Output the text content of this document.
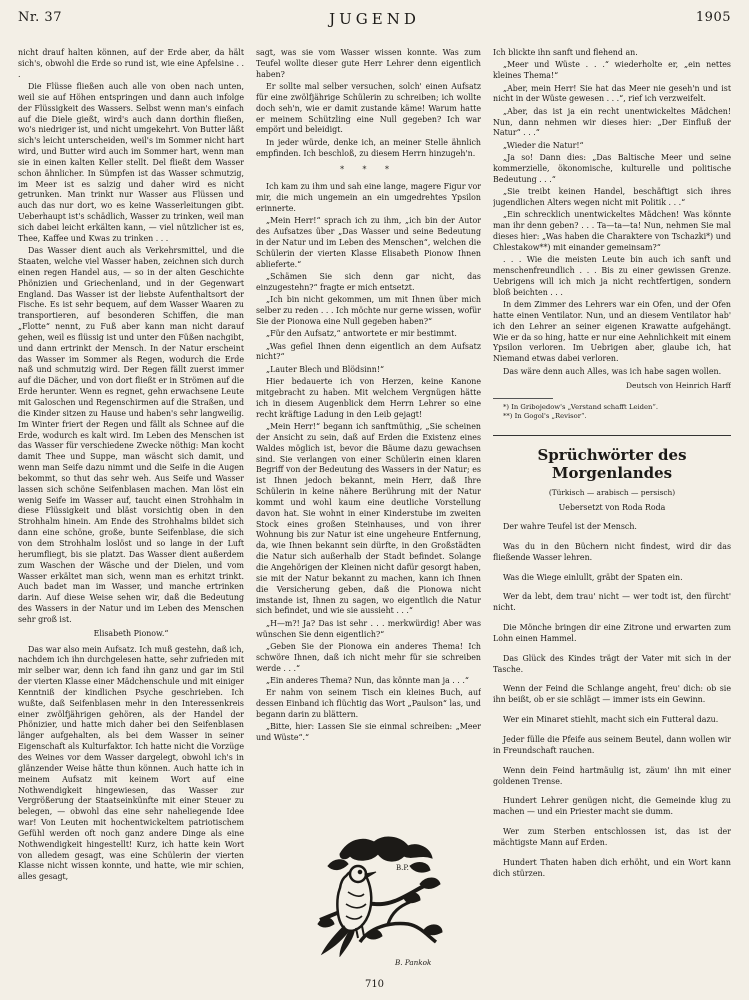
Nr. 37	JUGEND	1905

nicht drauf halten können, auf der Erde aber, da hält sich's, obwohl die Erde so rund ist, wie eine Apfelsine . . .

Die Flüsse fließen auch alle von oben nach unten, weil sie auf Höhen entspringen und dann auch infolge der Flüssigkeit des Wassers. Selbst wenn man's einfach auf die Diele gießt, wird's auch dann dorthin fließen, wo's niedriger ist, und nicht umgekehrt. Von Butter läßt sich's leicht unterscheiden, weil's im Sommer nicht hart wird, und Butter wird auch im Sommer hart, wenn man sie in einen kalten Keller stellt. Del fließt dem Wasser schon ähnlicher. In Sümpfen ist das Wasser schmutzig, im Meer ist es salzig und daher wird es nicht getrunken. Man trinkt nur Wasser aus Flüssen und auch das nur dort, wo es keine Wasserleitungen gibt. Ueberhaupt ist's schädlich, Wasser zu trinken, weil man sich dabei leicht erkälten kann, — viel nützlicher ist es, Thee, Kaffee und Kwas zu trinken . . .

Das Wasser dient auch als Verkehrsmittel, und die Staaten, welche viel Wasser haben, zeichnen sich durch einen regen Handel aus, — so in der alten Geschichte Phönizien und Griechenland, und in der Gegenwart England. Das Wasser ist der liebste Aufenthaltsort der Fische. Es ist sehr bequem, auf dem Wasser Waaren zu transportieren, auf besonderen Schiffen, die man „Flotte“ nennt, zu Fuß aber kann man nicht darauf gehen, weil es flüssig ist und unter den Füßen nachgibt, und dann ertrinkt der Mensch. In der Natur erscheint das Wasser im Sommer als Regen, wodurch die Erde naß und schmutzig wird. Der Regen fällt zuerst immer auf die Dächer, und von dort fließt er in Strömen auf die Erde herunter. Wenn es regnet, gehn erwachsene Leute mit Galoschen und Regenschirmen auf die Straßen, und die Kinder sitzen zu Hause und haben's sehr langweilig. Im Winter friert der Regen und fällt als Schnee auf die Erde, wodurch es kalt wird. Im Leben des Menschen ist das Wasser für verschiedene Zwecke nöthig: Man kocht damit Thee und Suppe, man wäscht sich damit, und wenn man Seife dazu nimmt und die Seife in die Augen bekommt, so thut das sehr weh. Aus Seife und Wasser lassen sich schöne Seifenblasen machen. Man löst ein wenig Seife im Wasser auf, taucht einen Strohhalm in diese Flüssigkeit und bläst vorsichtig oben in den Strohhalm hinein. Am Ende des Strohhalms bildet sich dann eine schöne, große, bunte Seifenblase, die sich von dem Strohhalm loslöst und so lange in der Luft herumfliegt, bis sie platzt. Das Wasser dient außerdem zum Waschen der Wäsche und der Dielen, und vom Wasser erkältet man sich, wenn man es erhitzt trinkt. Auch badet man im Wasser, und manche ertrinken darin. Auf diese Weise sehen wir, daß die Bedeutung des Wassers in der Natur und im Leben des Menschen sehr groß ist.

Elisabeth Pionow.“

Das war also mein Aufsatz. Ich muß gestehn, daß ich, nachdem ich ihn durchgelesen hatte, sehr zufrieden mit mir selber war, denn ich fand ihn ganz und gar im Stil der vierten Klasse einer Mädchenschule und mit einiger Kenntniß der kindlichen Psyche geschrieben. Ich wußte, daß Seifenblasen mehr in den Interessenkreis einer zwölfjährigen gehören, als der Handel der Phönizier, und hatte mich daher bei den Seifenblasen länger aufgehalten, als bei dem Wasser in seiner Eigenschaft als Kulturfaktor. Ich hatte nicht die Vorzüge des Weines vor dem Wasser dargelegt, obwohl ich's in glänzender Weise hätte thun können. Auch hatte ich in meinem Aufsatz mit keinem Wort auf eine Nothwendigkeit hingewiesen, das Wasser zur Vergrößerung der Staatseinkünfte mit einer Steuer zu belegen, — obwohl das eine sehr naheliegende Idee war! Von Leuten mit hochentwickeltem patriotischem Gefühl werden oft noch ganz andere Dinge als eine Nothwendigkeit hingestellt! Kurz, ich hatte kein Wort von alledem gesagt, was eine Schülerin der vierten Klasse nicht wissen konnte, und hatte, wie mir schien, alles gesagt,

sagt, was sie vom Wasser wissen konnte. Was zum Teufel wollte dieser gute Herr Lehrer denn eigentlich haben?

Er sollte mal selber versuchen, solch' einen Aufsatz für eine zwölfjährige Schülerin zu schreiben; ich wollte doch seh'n, wie er damit zustande käme! Warum hatte er meinem Schützling eine Null gegeben? Ich war empört und beleidigt.

In jeder würde, denke ich, an meiner Stelle ähnlich empfinden. Ich beschloß, zu diesem Herrn hinzugeh'n.

* * *

Ich kam zu ihm und sah eine lange, magere Figur vor mir, die mich ungemein an ein umgedrehtes Ypsilon erinnerte.

„Mein Herr!“ sprach ich zu ihm, „ich bin der Autor des Aufsatzes über „Das Wasser und seine Bedeutung in der Natur und im Leben des Menschen“, welchen die Schülerin der vierten Klasse Elisabeth Pionow Ihnen ablieferte.“

„Schämen Sie sich denn gar nicht, das einzugestehn?“ fragte er mich entsetzt.

„Ich bin nicht gekommen, um mit Ihnen über mich selber zu reden . . . Ich möchte nur gerne wissen, wofür Sie der Pionowa eine Null gegeben haben?“

„Für den Aufsatz,“ antwortete er mir bestimmt.

„Was gefiel Ihnen denn eigentlich an dem Aufsatz nicht?“

„Lauter Blech und Blödsinn!“

Hier bedauerte ich von Herzen, keine Kanone mitgebracht zu haben. Mit welchem Vergnügen hätte ich in diesem Augenblick dem Herrn Lehrer so eine recht kräftige Ladung in den Leib gejagt!

„Mein Herr!“ begann ich sanftmüthig, „Sie scheinen der Ansicht zu sein, daß auf Erden die Existenz eines Waldes möglich ist, bevor die Bäume dazu gewachsen sind. Sie verlangen von einer Schülerin einen klaren Begriff von der Bedeutung des Wassers in der Natur; es ist Ihnen jedoch bekannt, mein Herr, daß Ihre Schülerin in keine nähere Berührung mit der Natur kommt und wohl kaum eine deutliche Vorstellung davon hat. Sie wohnt in einer Kinderstube im zweiten Stock eines großen Steinhauses, und von ihrer Wohnung bis zur Natur ist eine ungeheure Entfernung, da, wie Ihnen bekannt sein dürfte, in den Großstädten die Natur sich außerhalb der Stadt befindet. Solange die Angehörigen der Kleinen nicht dafür gesorgt haben, sie mit der Natur bekannt zu machen, kann ich Ihnen die Versicherung geben, daß die Pionowa nicht imstande ist, Ihnen zu sagen, wo eigentlich die Natur sich befindet, und wie sie aussieht . . .“

„H—m?! Ja? Das ist sehr . . . merkwürdig! Aber was wünschen Sie denn eigentlich?“

„Geben Sie der Pionowa ein anderes Thema! Ich schwöre Ihnen, daß ich nicht mehr für sie schreiben werde . . .“

„Ein anderes Thema? Nun, das könnte man ja . . .“

Er nahm von seinem Tisch ein kleines Buch, auf dessen Einband ich flüchtig das Wort „Paulson“ las, und begann darin zu blättern.

„Bitte, hier: Lassen Sie sie einmal schreiben: „Meer und Wüste“.“

B.P.
B. Pankok

Ich blickte ihn sanft und flehend an.

„Meer und Wüste . . .“ wiederholte er, „ein nettes kleines Thema!“

„Aber, mein Herr! Sie hat das Meer nie geseh'n und ist nicht in der Wüste gewesen . . .“, rief ich verzweifelt.

„Aber, das ist ja ein recht unentwickeltes Mädchen! Nun, dann nehmen wir dieses hier: „Der Einfluß der Natur“ . . .“

„Wieder die Natur!“

„Ja so! Dann dies: „Das Baltische Meer und seine kommerzielle, ökonomische, kulturelle und politische Bedeutung . . .“

„Sie treibt keinen Handel, beschäftigt sich ihres jugendlichen Alters wegen nicht mit Politik . . .“

„Ein schrecklich unentwickeltes Mädchen! Was könnte man ihr denn geben? . . . Ta—ta—ta! Nun, nehmen Sie mal dieses hier: „Was haben die Charaktere von Tschazki*) und Chlestakow**) mit einander gemeinsam?“

. . . Wie die meisten Leute bin auch ich sanft und menschenfreundlich . . . Bis zu einer gewissen Grenze. Uebrigens will ich mich ja nicht rechtfertigen, sondern bloß beichten . . .

In dem Zimmer des Lehrers war ein Ofen, und der Ofen hatte einen Ventilator. Nun, und an diesem Ventilator hab' ich den Lehrer an seiner eigenen Krawatte aufgehängt. Wie er da so hing, hatte er nur eine Aehnlichkeit mit einem Ypsilon verloren. Im Uebrigen aber, glaube ich, hat Niemand etwas dabei verloren.

Das wäre denn auch Alles, was ich habe sagen wollen.

Deutsch von Heinrich Harff

*) In Gribojedow's „Verstand schafft Leiden“.

**) In Gogol's „Revisor“.

Sprüchwörter des Morgenlandes

(Türkisch — arabisch — persisch)

Uebersetzt von Roda Roda

Der wahre Teufel ist der Mensch.

Was du in den Büchern nicht findest, wird dir das fließende Wasser lehren.

Was die Wiege einlullt, gräbt der Spaten ein.

Wer da lebt, dem trau' nicht — wer todt ist, den fürcht' nicht.

Die Mönche bringen dir eine Zitrone und erwarten zum Lohn einen Hammel.

Das Glück des Kindes trägt der Vater mit sich in der Tasche.

Wenn der Feind die Schlange angeht, freu' dich: ob sie ihn beißt, ob er sie schlägt — immer ists ein Gewinn.

Wer ein Minaret stiehlt, macht sich ein Futteral dazu.

Jeder fülle die Pfeife aus seinem Beutel, dann wollen wir in Freundschaft rauchen.

Wenn dein Feind hartmäulig ist, zäum' ihn mit einer goldenen Trense.

Hundert Lehrer genügen nicht, die Gemeinde klug zu machen — und ein Priester macht sie dumm.

Wer zum Sterben entschlossen ist, das ist der mächtigste Mann auf Erden.

Hundert Thaten haben dich erhöht, und ein Wort kann dich stürzen.

710
